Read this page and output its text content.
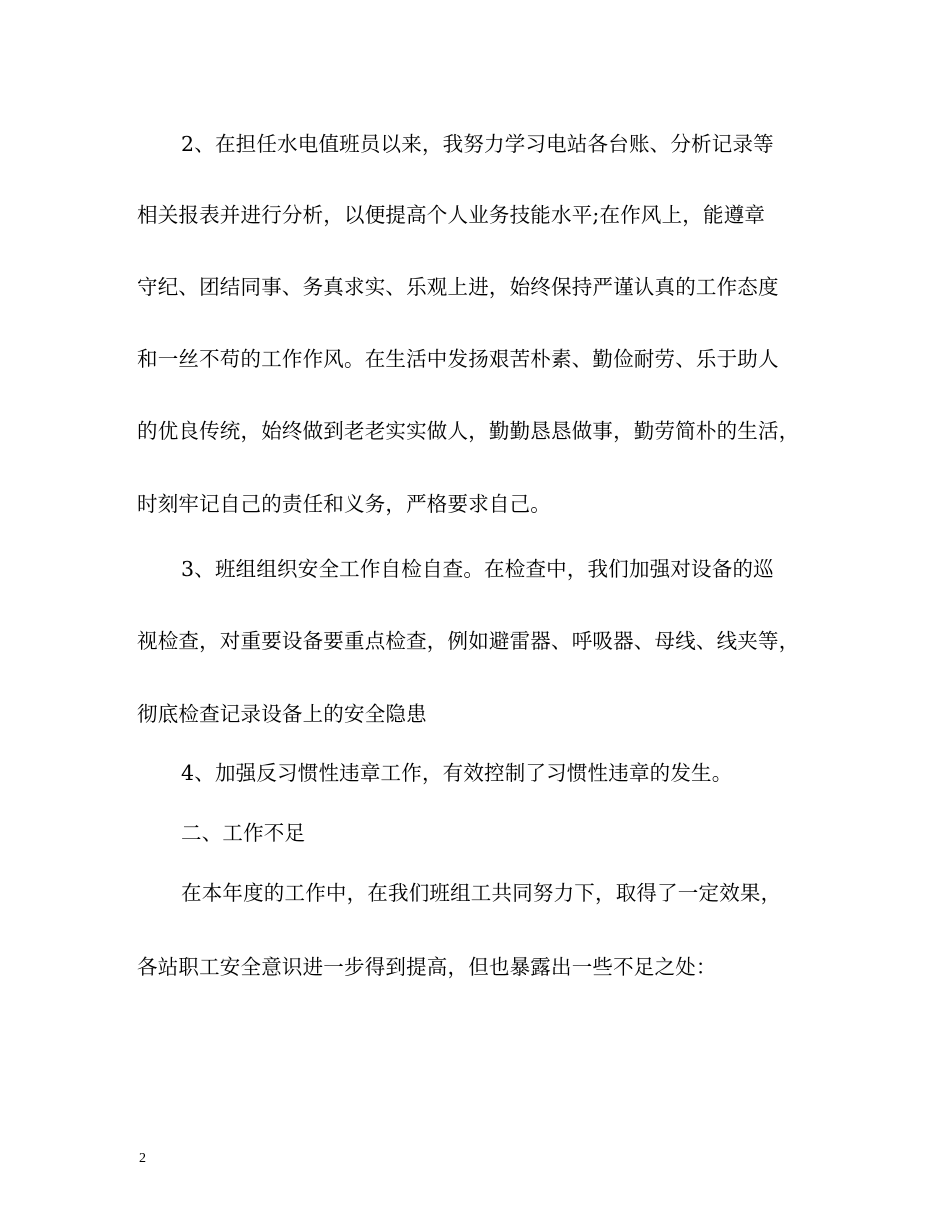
2、在担任水电值班员以来，我努力学习电站各台账、分析记录等
相关报表并进行分析，以便提高个人业务技能水平;在作风上，能遵章
守纪、团结同事、务真求实、乐观上进，始终保持严谨认真的工作态度
和一丝不苟的工作作风。在生活中发扬艰苦朴素、勤俭耐劳、乐于助人
的优良传统，始终做到老老实实做人，勤勤恳恳做事，勤劳简朴的生活，
时刻牢记自己的责任和义务，严格要求自己。
3、班组组织安全工作自检自查。在检查中，我们加强对设备的巡
视检查，对重要设备要重点检查，例如避雷器、呼吸器、母线、线夹等，
彻底检查记录设备上的安全隐患
4、加强反习惯性违章工作，有效控制了习惯性违章的发生。
二、工作不足
在本年度的工作中，在我们班组工共同努力下，取得了一定效果，
各站职工安全意识进一步得到提高，但也暴露出一些不足之处：
2
